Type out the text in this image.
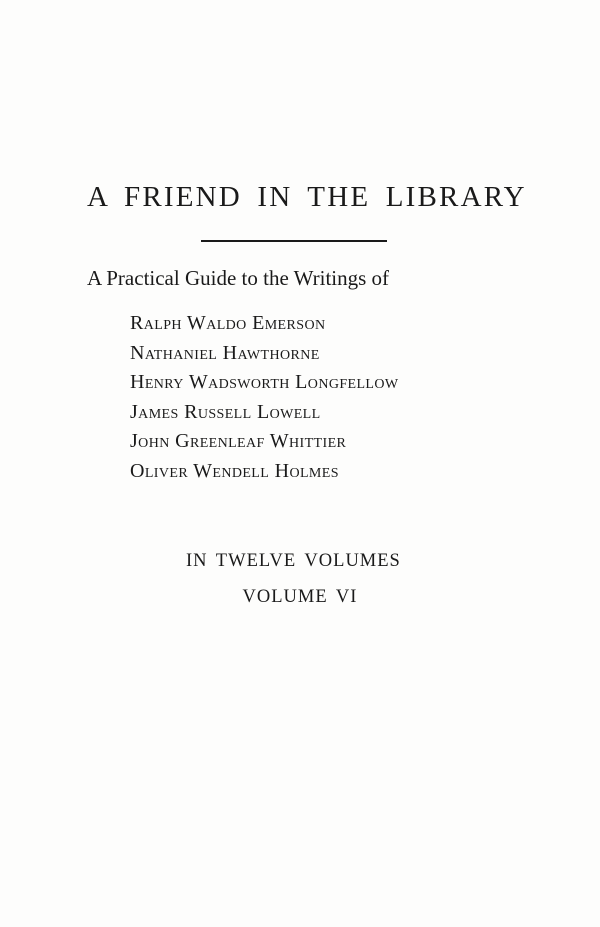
A FRIEND IN THE LIBRARY

A Practical Guide to the Writings of

Ralph Waldo Emerson
Nathaniel Hawthorne
Henry Wadsworth Longfellow
James Russell Lowell
John Greenleaf Whittier
Oliver Wendell Holmes

IN TWELVE VOLUMES

VOLUME VI
